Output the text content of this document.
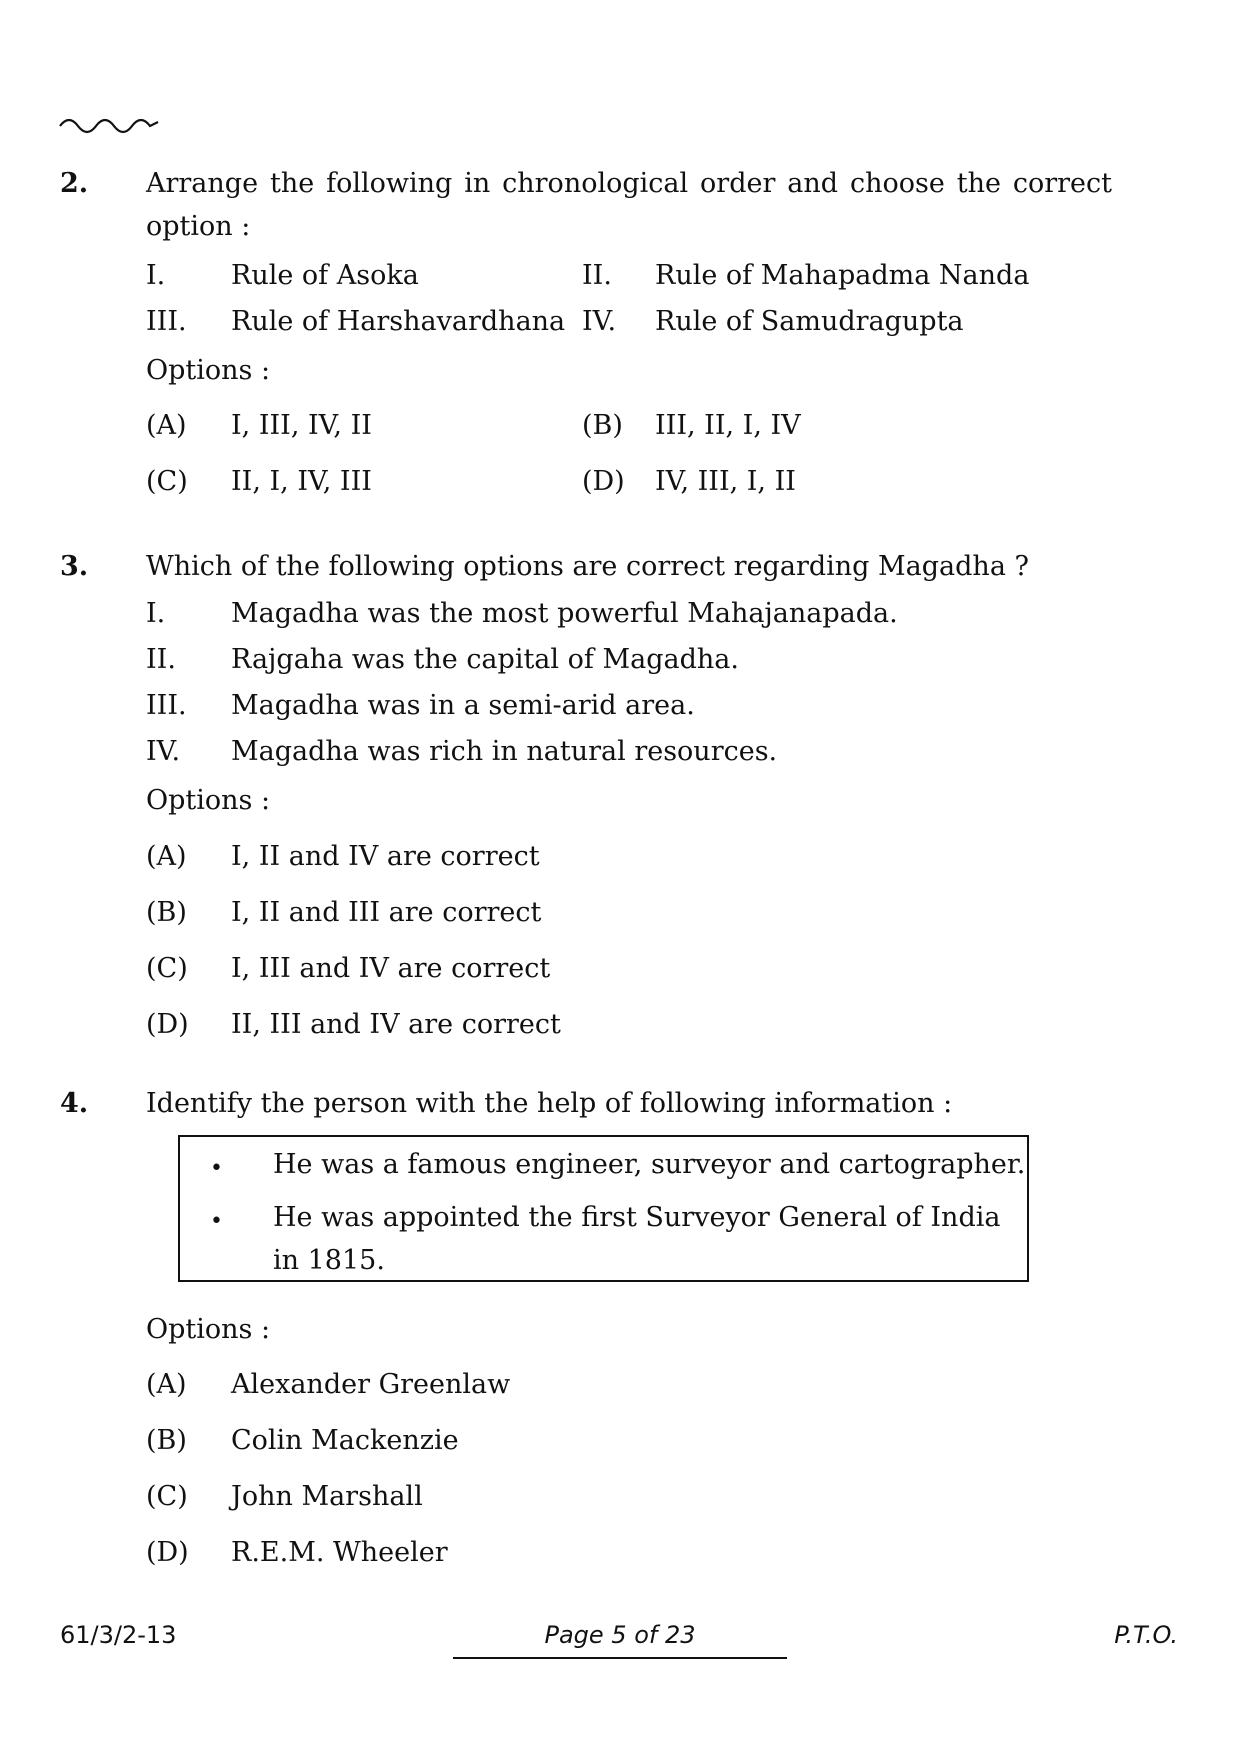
2. Arrange the following in chronological order and choose the correct
option :
I. Rule of Asoka	II. Rule of Mahapadma Nanda
III. Rule of Harshavardhana IV. Rule of Samudragupta
Options :
(A) I, III, IV, II	(B) III, II, I, IV
(C) II, I, IV, III	(D) IV, III, I, II
3. Which of the following options are correct regarding Magadha ?
I. Magadha was the most powerful Mahajanapada.
II. Rajgaha was the capital of Magadha.
III. Magadha was in a semi-arid area.
IV. Magadha was rich in natural resources.
Options :
(A) I, II and IV are correct
(B) I, II and III are correct
(C) I, III and IV are correct
(D) II, III and IV are correct
4. Identify the person with the help of following information :
• He was a famous engineer, surveyor and cartographer.
• He was appointed the first Surveyor General of India
in 1815.
Options :
(A) Alexander Greenlaw
(B) Colin Mackenzie
(C) John Marshall
(D) R.E.M. Wheeler
61/3/2-13	Page 5 of 23	P.T.O.
